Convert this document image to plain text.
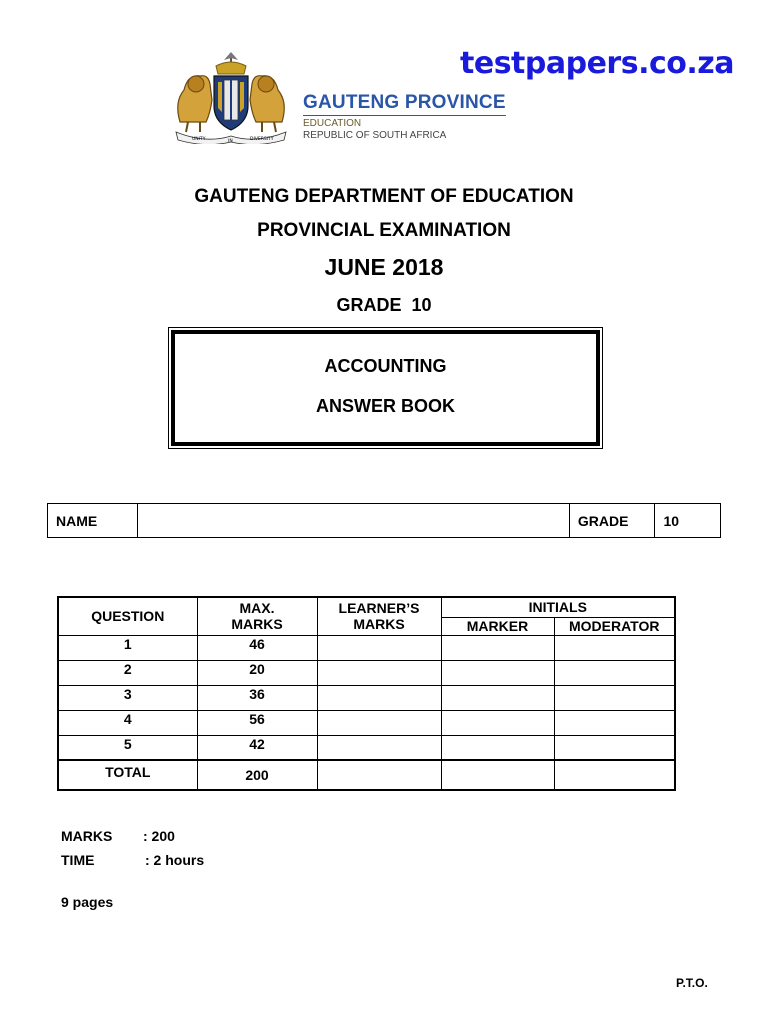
testpapers.co.za
UNITY	IN	DIVERSITY
GAUTENG PROVINCE
EDUCATION
REPUBLIC OF SOUTH AFRICA
GAUTENG DEPARTMENT OF EDUCATION
PROVINCIAL EXAMINATION
JUNE 2018
GRADE  10
ACCOUNTING
ANSWER BOOK
NAME		GRADE	10
QUESTION	MAX. MARKS	LEARNER’S MARKS	INITIALS	
			MARKER	MODERATOR
1	46			
2	20			
3	36			
4	56			
5	42			
TOTAL	200			
MARKS : 200
TIME	: 2 hours
9 pages
P.T.O.
